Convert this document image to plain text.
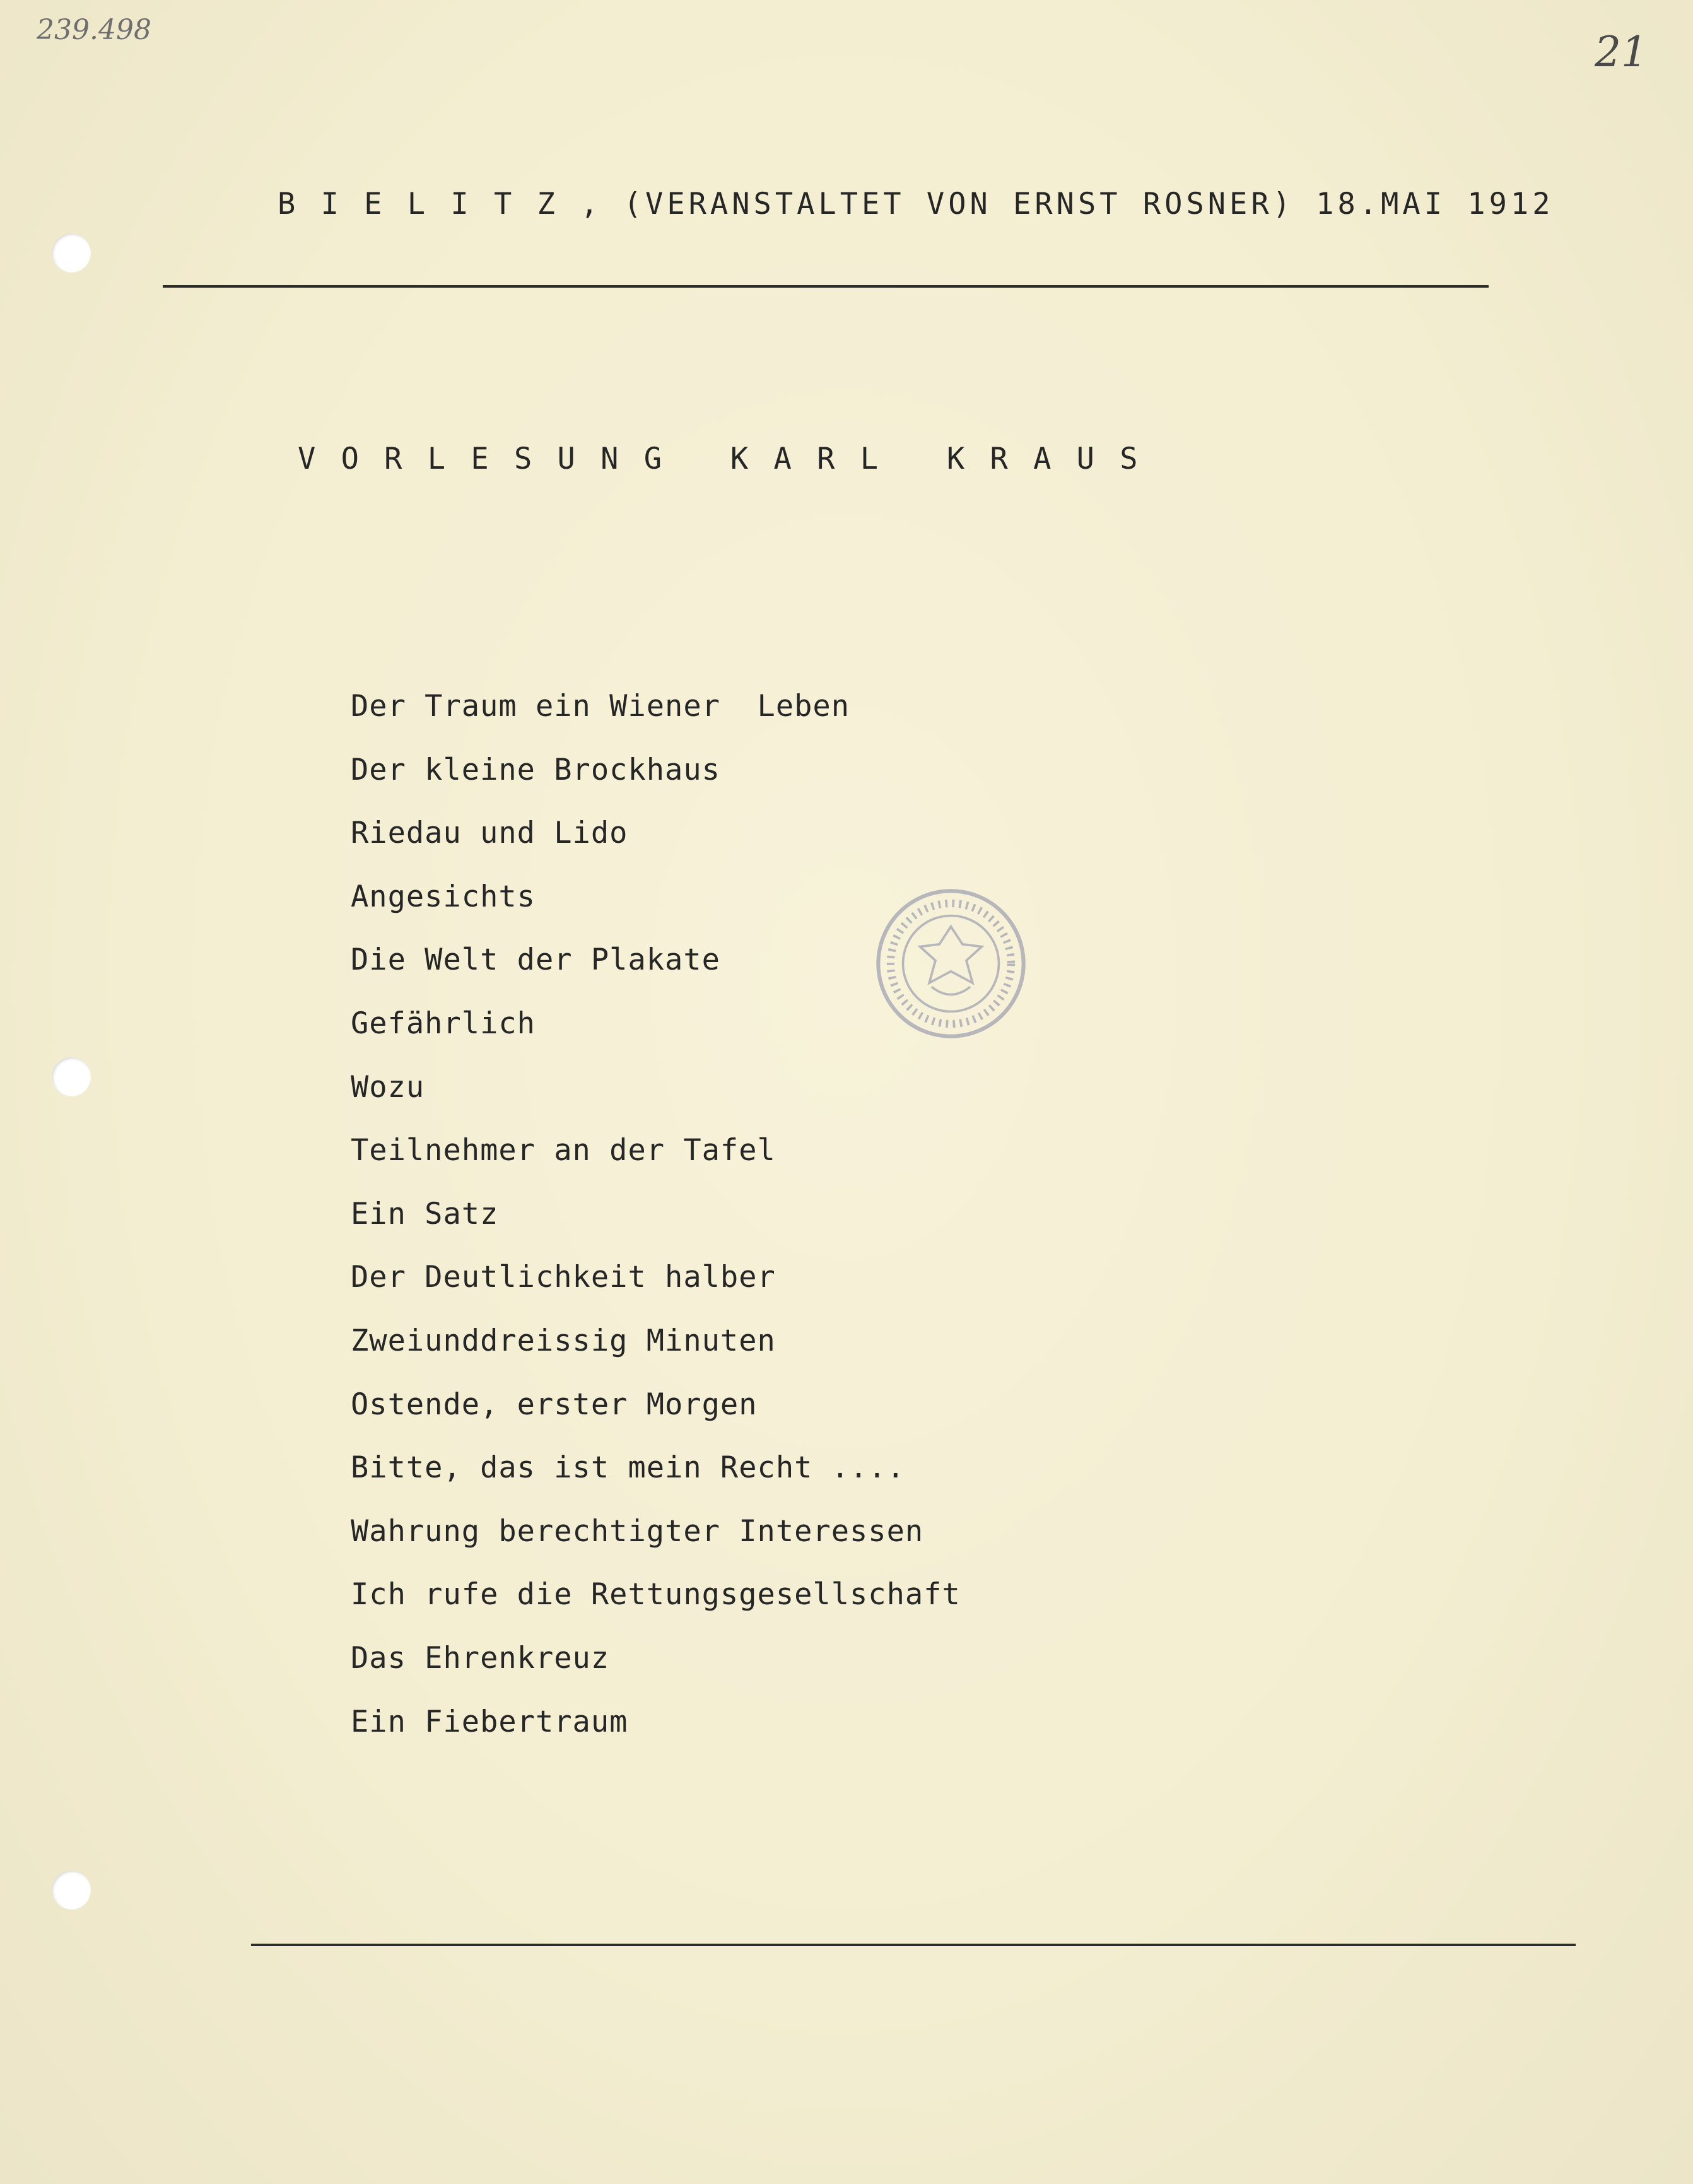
239.498	21
B I E L I T Z , (VERANSTALTET VON ERNST ROSNER) 18.MAI 1912
V O R L E S U N G   K A R L   K R A U S
Der Traum ein Wiener  Leben
Der kleine Brockhaus
Riedau und Lido
Angesichts
Die Welt der Plakate
Gefährlich
Wozu
Teilnehmer an der Tafel
Ein Satz
Der Deutlichkeit halber
Zweiunddreissig Minuten
Ostende, erster Morgen
Bitte, das ist mein Recht ....
Wahrung berechtigter Interessen
Ich rufe die Rettungsgesellschaft
Das Ehrenkreuz
Ein Fiebertraum
